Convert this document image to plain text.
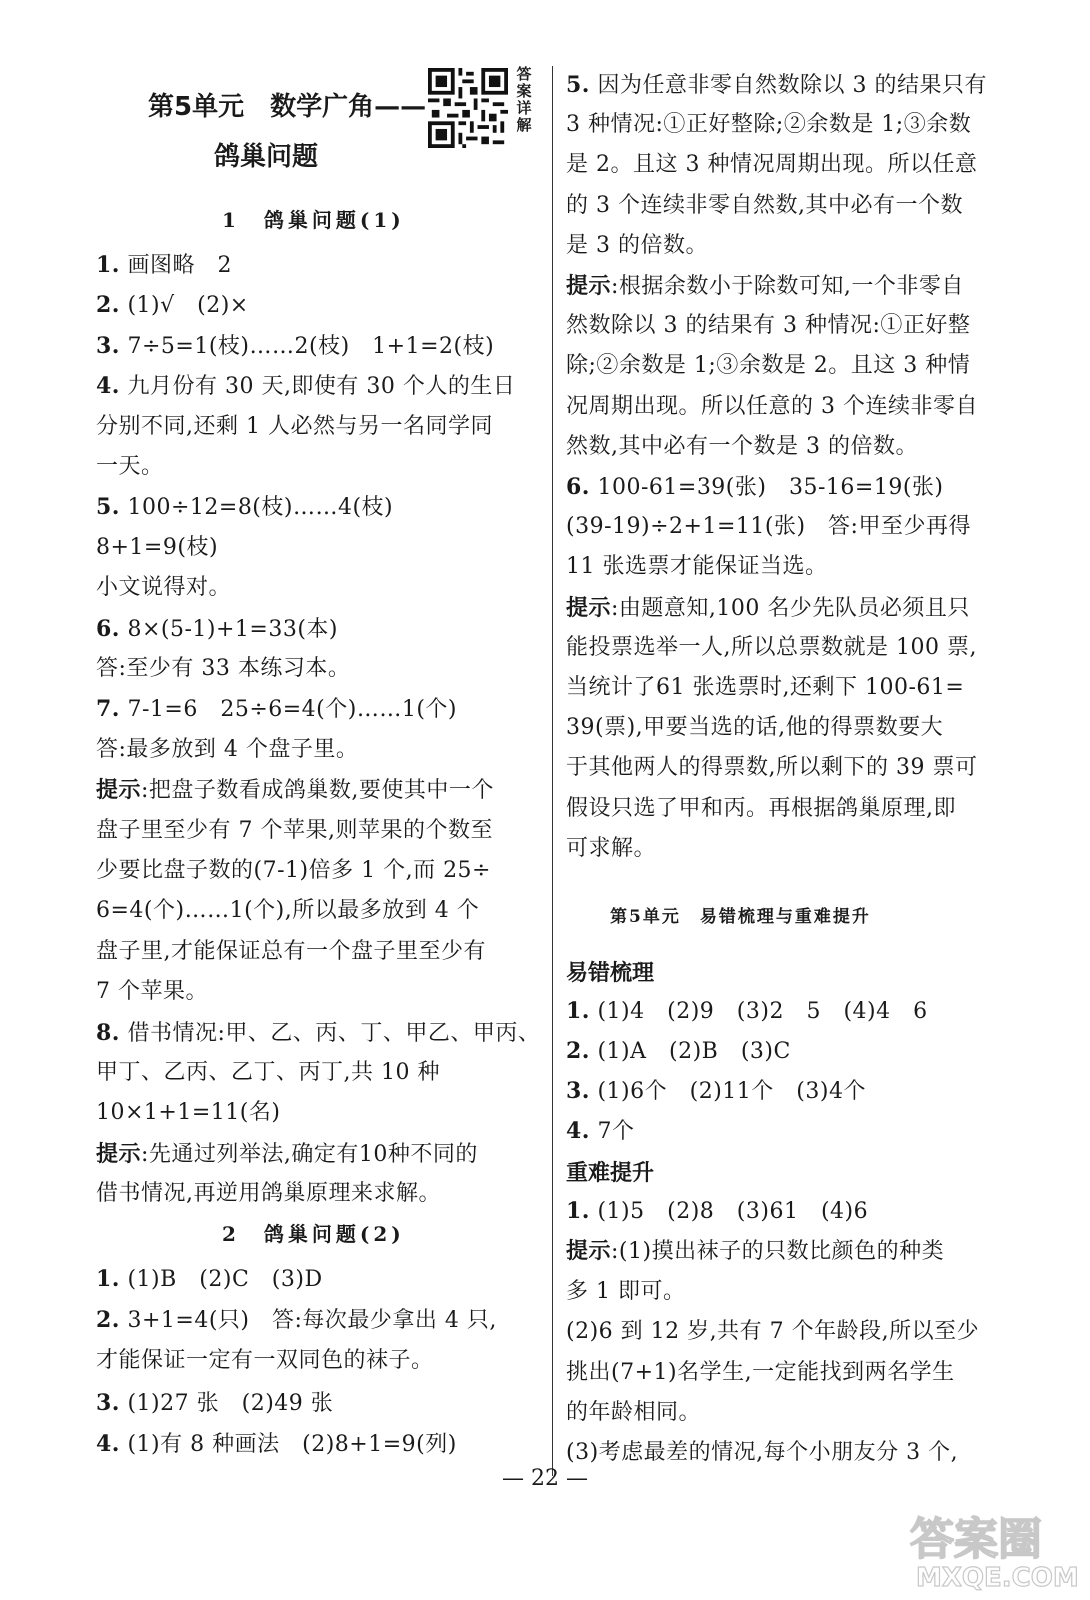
第5单元　数学广角——
鸽巢问题
1　鸽巢问题(1)
1. 画图略　2
2. (1)√　(2)×
3. 7÷5=1(枝)……2(枝)　1+1=2(枝)
4. 九月份有 30 天,即使有 30 个人的生日
分别不同,还剩 1 人必然与另一名同学同
一天。
5. 100÷12=8(枝)……4(枝)
8+1=9(枝)
小文说得对。
6. 8×(5-1)+1=33(本)
答:至少有 33 本练习本。
7. 7-1=6　25÷6=4(个)……1(个)
答:最多放到 4 个盘子里。
提示:把盘子数看成鸽巢数,要使其中一个
盘子里至少有 7 个苹果,则苹果的个数至
少要比盘子数的(7-1)倍多 1 个,而 25÷
6=4(个)……1(个),所以最多放到 4 个
盘子里,才能保证总有一个盘子里至少有
7 个苹果。
8. 借书情况:甲、乙、丙、丁、甲乙、甲丙、
甲丁、乙丙、乙丁、丙丁,共 10 种
10×1+1=11(名)
提示:先通过列举法,确定有10种不同的
借书情况,再逆用鸽巢原理来求解。
2　鸽巢问题(2)
1. (1)B　(2)C　(3)D
2. 3+1=4(只)　答:每次最少拿出 4 只,
才能保证一定有一双同色的袜子。
3. (1)27 张　(2)49 张
4. (1)有 8 种画法　(2)8+1=9(列)
答案详解
5. 因为任意非零自然数除以 3 的结果只有
3 种情况:①正好整除;②余数是 1;③余数
是 2。且这 3 种情况周期出现。所以任意
的 3 个连续非零自然数,其中必有一个数
是 3 的倍数。
提示:根据余数小于除数可知,一个非零自
然数除以 3 的结果有 3 种情况:①正好整
除;②余数是 1;③余数是 2。且这 3 种情
况周期出现。所以任意的 3 个连续非零自
然数,其中必有一个数是 3 的倍数。
6. 100-61=39(张)　35-16=19(张)
(39-19)÷2+1=11(张)　答:甲至少再得
11 张选票才能保证当选。
提示:由题意知,100 名少先队员必须且只
能投票选举一人,所以总票数就是 100 票,
当统计了61 张选票时,还剩下 100-61=
39(票),甲要当选的话,他的得票数要大
于其他两人的得票数,所以剩下的 39 票可
假设只选了甲和丙。再根据鸽巢原理,即
可求解。
第5单元　易错梳理与重难提升
易错梳理
1. (1)4　(2)9　(3)2　5　(4)4　6
2. (1)A　(2)B　(3)C
3. (1)6个　(2)11个　(3)4个
4. 7个
重难提升
1. (1)5　(2)8　(3)61　(4)6
提示:(1)摸出袜子的只数比颜色的种类
多 1 即可。
(2)6 到 12 岁,共有 7 个年龄段,所以至少
挑出(7+1)名学生,一定能找到两名学生
的年龄相同。
(3)考虑最差的情况,每个小朋友分 3 个,
— 22 —
答案圈
MXQE.COM
